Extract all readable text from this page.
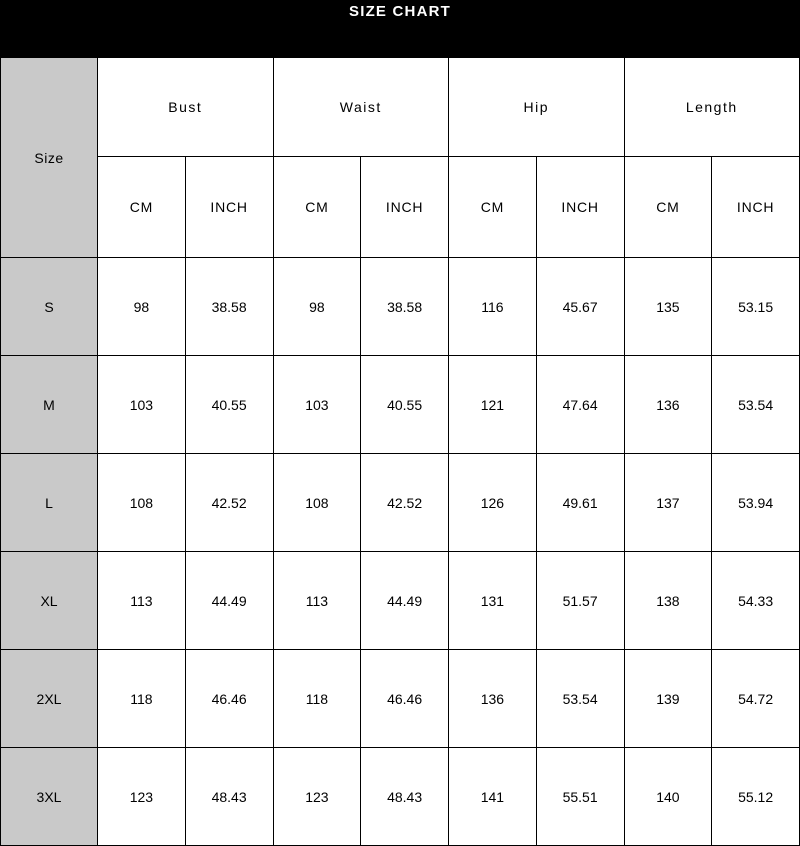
SIZE CHART
Size	Bust		Waist		Hip		Length	
	CM	INCH	CM	INCH	CM	INCH	CM	INCH
S	98	38.58	98	38.58	116	45.67	135	53.15
M	103	40.55	103	40.55	121	47.64	136	53.54
L	108	42.52	108	42.52	126	49.61	137	53.94
XL	113	44.49	113	44.49	131	51.57	138	54.33
2XL	118	46.46	118	46.46	136	53.54	139	54.72
3XL	123	48.43	123	48.43	141	55.51	140	55.12
